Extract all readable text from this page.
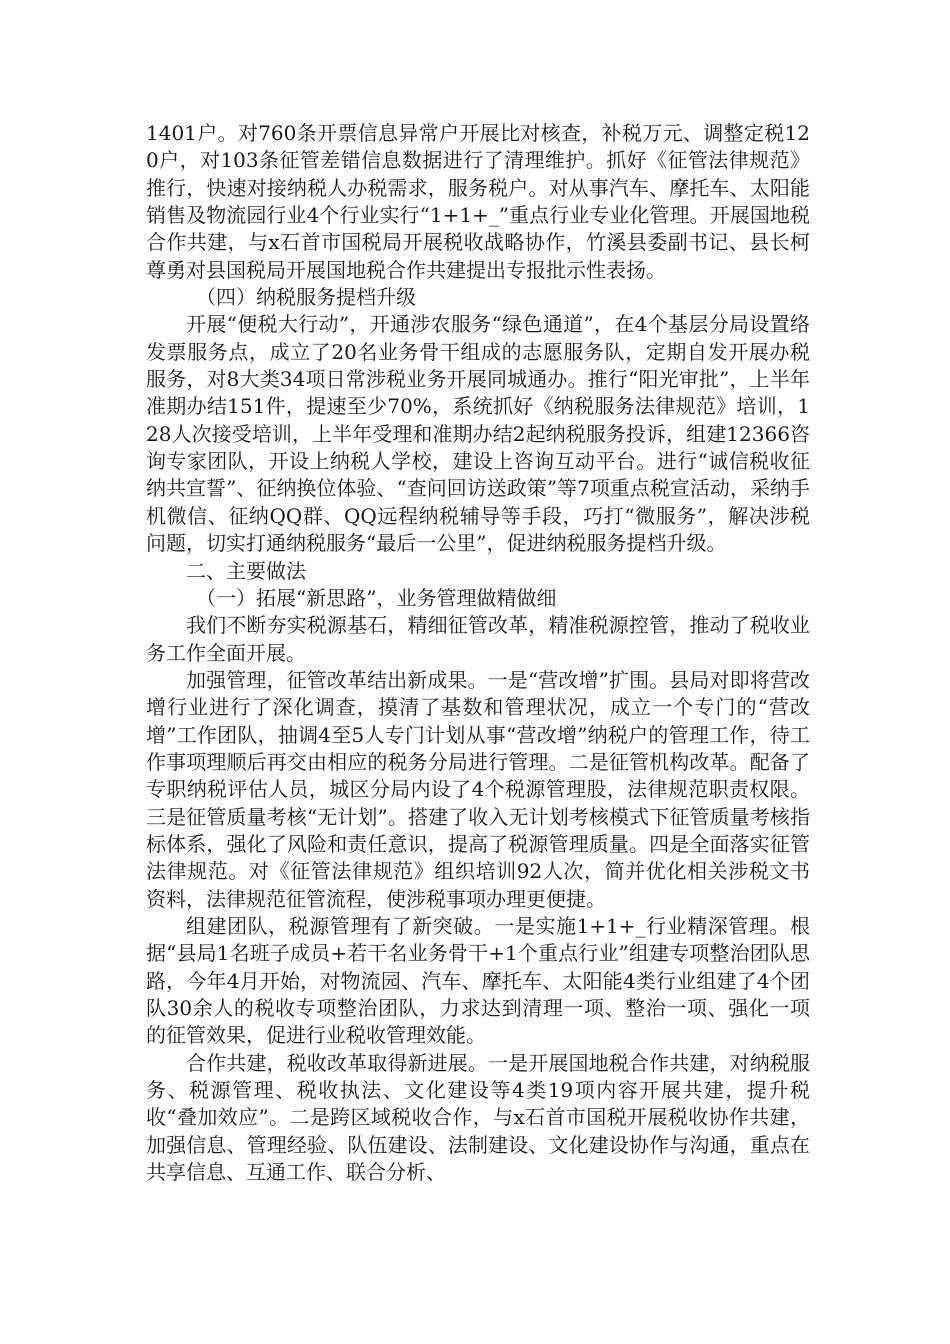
1401户。对760条开票信息异常户开展比对核查，补税万元、调整定税120户，对103条征管差错信息数据进行了清理维护。抓好《征管法律规范》推行，快速对接纳税人办税需求，服务税户。对从事汽车、摩托车、太阳能销售及物流园行业4个行业实行“1+1+_”重点行业专业化管理。开展国地税合作共建，与x石首市国税局开展税收战略协作，竹溪县委副书记、县长柯尊勇对县国税局开展国地税合作共建提出专报批示性表扬。

（四）纳税服务提档升级

开展“便税大行动”，开通涉农服务“绿色通道”，在4个基层分局设置络发票服务点，成立了20名业务骨干组成的志愿服务队，定期自发开展办税服务，对8大类34项日常涉税业务开展同城通办。推行“阳光审批”，上半年准期办结151件，提速至少70%，系统抓好《纳税服务法律规范》培训，128人次接受培训，上半年受理和准期办结2起纳税服务投诉，组建12366咨询专家团队，开设上纳税人学校，建设上咨询互动平台。进行“诚信税收征纳共宣誓”、征纳换位体验、“查问回访送政策”等7项重点税宣活动，采纳手机微信、征纳QQ群、QQ远程纳税辅导等手段，巧打“微服务”，解决涉税问题，切实打通纳税服务“最后一公里”，促进纳税服务提档升级。

二、主要做法

（一）拓展“新思路”，业务管理做精做细

我们不断夯实税源基石，精细征管改革，精准税源控管，推动了税收业务工作全面开展。

加强管理，征管改革结出新成果。一是“营改增”扩围。县局对即将营改增行业进行了深化调查，摸清了基数和管理状况，成立一个专门的“营改增”工作团队，抽调4至5人专门计划从事“营改增”纳税户的管理工作，待工作事项理顺后再交由相应的税务分局进行管理。二是征管机构改革。配备了专职纳税评估人员，城区分局内设了4个税源管理股，法律规范职责权限。三是征管质量考核“无计划”。搭建了收入无计划考核模式下征管质量考核指标体系，强化了风险和责任意识，提高了税源管理质量。四是全面落实征管法律规范。对《征管法律规范》组织培训92人次，简并优化相关涉税文书资料，法律规范征管流程，使涉税事项办理更便捷。

组建团队，税源管理有了新突破。一是实施1+1+_行业精深管理。根据“县局1名班子成员+若干名业务骨干+1个重点行业”组建专项整治团队思路，今年4月开始，对物流园、汽车、摩托车、太阳能4类行业组建了4个团队30余人的税收专项整治团队，力求达到清理一项、整治一项、强化一项的征管效果，促进行业税收管理效能。

合作共建，税收改革取得新进展。一是开展国地税合作共建，对纳税服务、税源管理、税收执法、文化建设等4类19项内容开展共建，提升税收“叠加效应”。二是跨区域税收合作，与x石首市国税开展税收协作共建，加强信息、管理经验、队伍建设、法制建设、文化建设协作与沟通，重点在共享信息、互通工作、联合分析、
